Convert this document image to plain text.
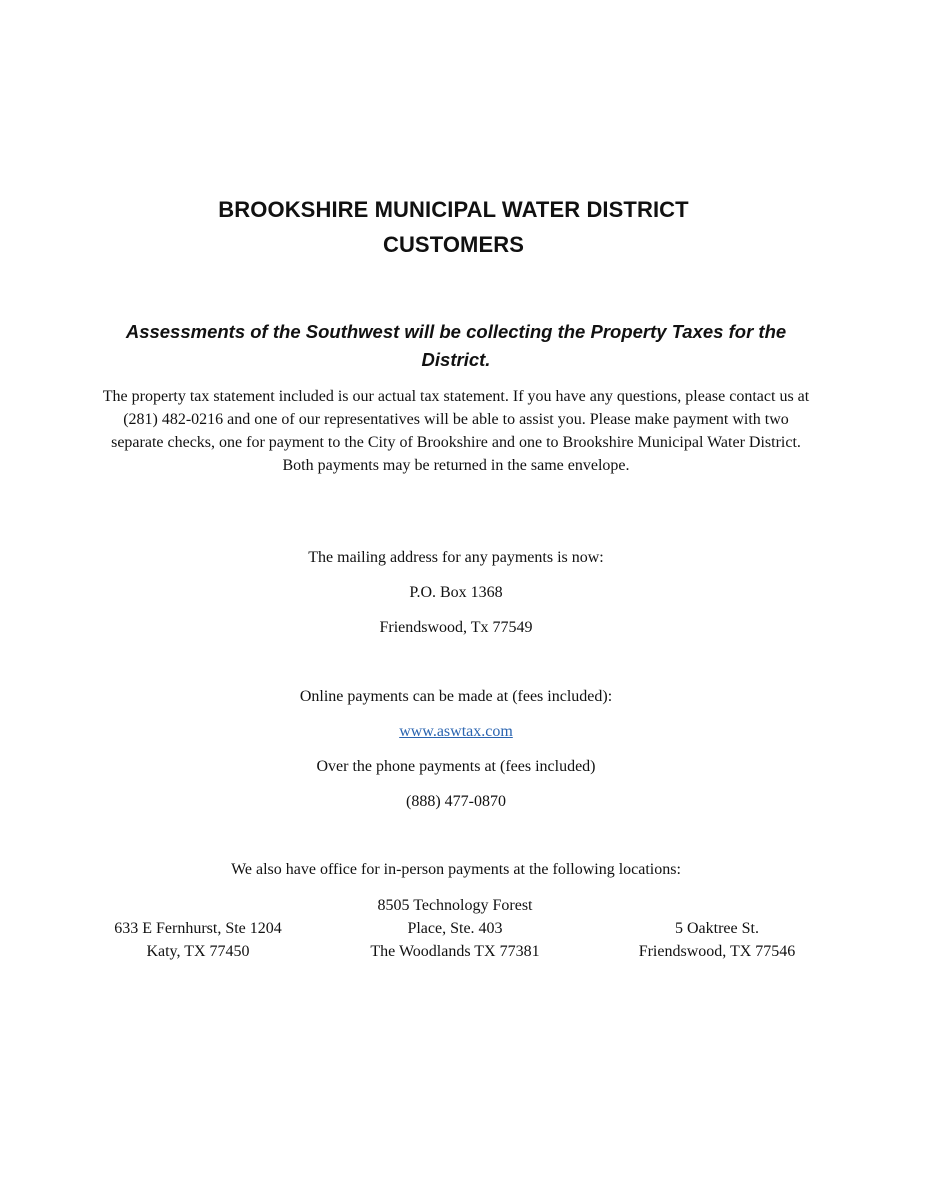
BROOKSHIRE MUNICIPAL WATER DISTRICT
CUSTOMERS

Assessments of the Southwest will be collecting the Property Taxes for the District.

The property tax statement included is our actual tax statement. If you have any questions, please contact us at (281) 482-0216 and one of our representatives will be able to assist you. Please make payment with two separate checks, one for payment to the City of Brookshire and one to Brookshire Municipal Water District. Both payments may be returned in the same envelope.

The mailing address for any payments is now:

P.O. Box 1368

Friendswood, Tx 77549

Online payments can be made at (fees included):

www.aswtax.com

Over the phone payments at (fees included)

(888) 477-0870

We also have office for in-person payments at the following locations:

633 E Fernhurst, Ste 1204
Katy, TX 77450
8505 Technology Forest
Place, Ste. 403
The Woodlands TX 77381
5 Oaktree St.
Friendswood, TX 77546
